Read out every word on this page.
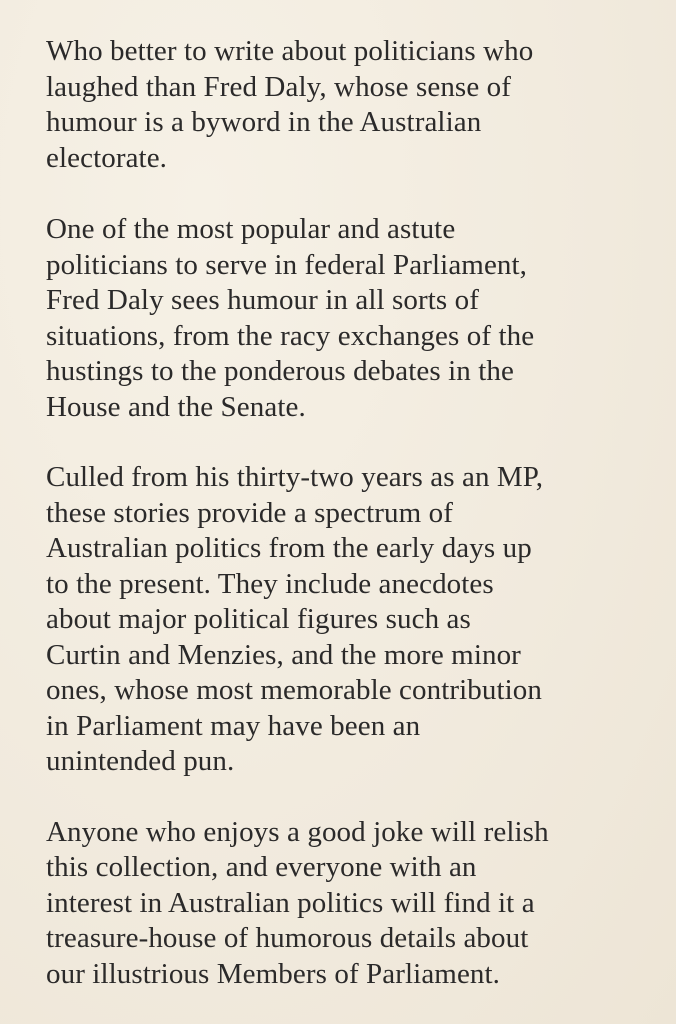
Who better to write about politicians who
laughed than Fred Daly, whose sense of
humour is a byword in the Australian
electorate.

One of the most popular and astute
politicians to serve in federal Parliament,
Fred Daly sees humour in all sorts of
situations, from the racy exchanges of the
hustings to the ponderous debates in the
House and the Senate.

Culled from his thirty-two years as an MP,
these stories provide a spectrum of
Australian politics from the early days up
to the present. They include anecdotes
about major political figures such as
Curtin and Menzies, and the more minor
ones, whose most memorable contribution
in Parliament may have been an
unintended pun.

Anyone who enjoys a good joke will relish
this collection, and everyone with an
interest in Australian politics will find it a
treasure-house of humorous details about
our illustrious Members of Parliament.
